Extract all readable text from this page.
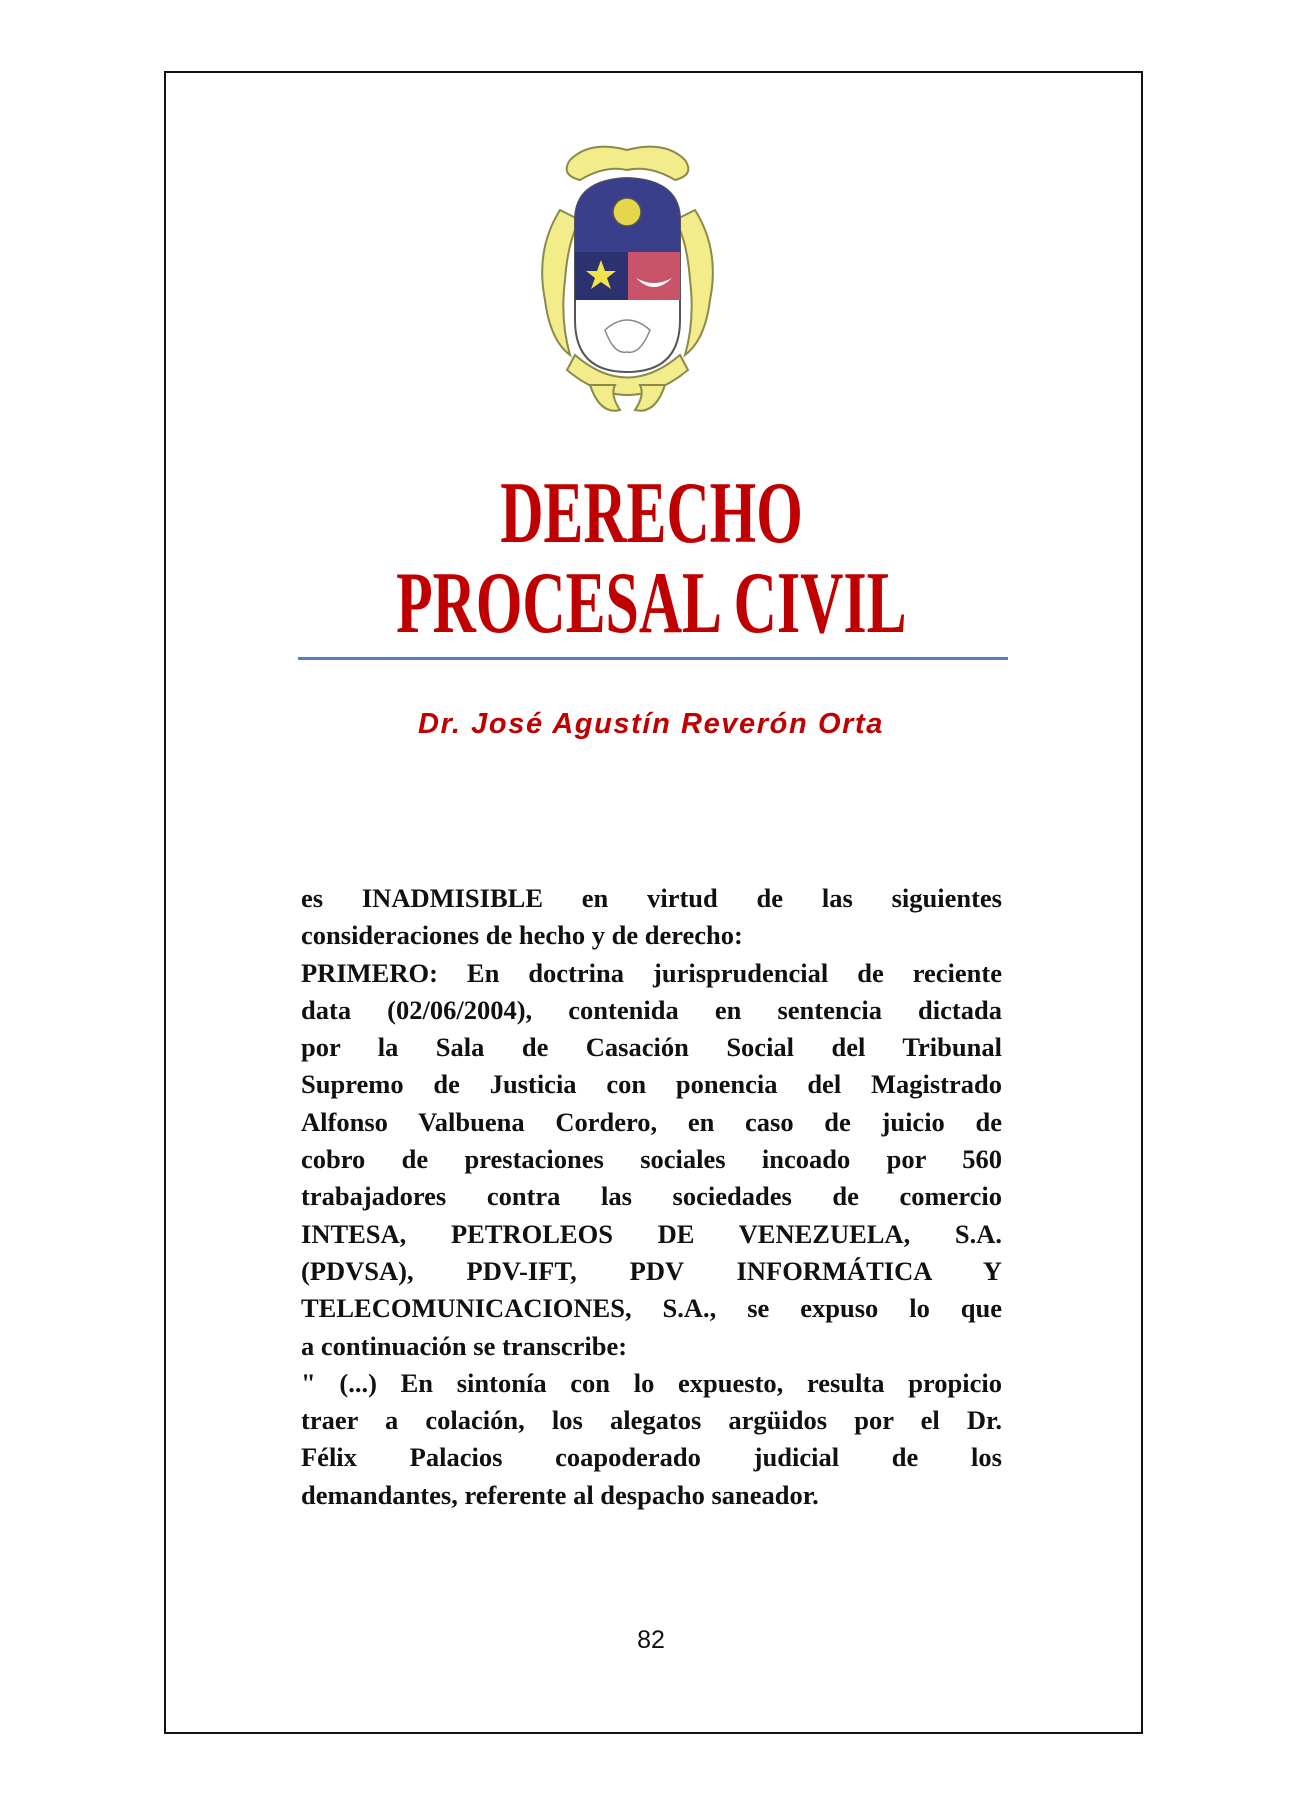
DERECHO
PROCESAL CIVIL
Dr. José Agustín Reverón Orta
es INADMISIBLE en virtud de las siguientes
consideraciones de hecho y de derecho:
PRIMERO: En doctrina jurisprudencial de reciente
data (02/06/2004), contenida en sentencia dictada
por la Sala de Casación Social del Tribunal
Supremo de Justicia con ponencia del Magistrado
Alfonso Valbuena Cordero, en caso de juicio de
cobro de prestaciones sociales incoado por 560
trabajadores contra las sociedades de comercio
INTESA, PETROLEOS DE VENEZUELA, S.A.
(PDVSA), PDV-IFT, PDV INFORMÁTICA Y
TELECOMUNICACIONES, S.A., se expuso lo que
a continuación se transcribe:
" (...) En sintonía con lo expuesto, resulta propicio
traer a colación, los alegatos argüidos por el Dr.
Félix Palacios coapoderado judicial de los
demandantes, referente al despacho saneador.
82
